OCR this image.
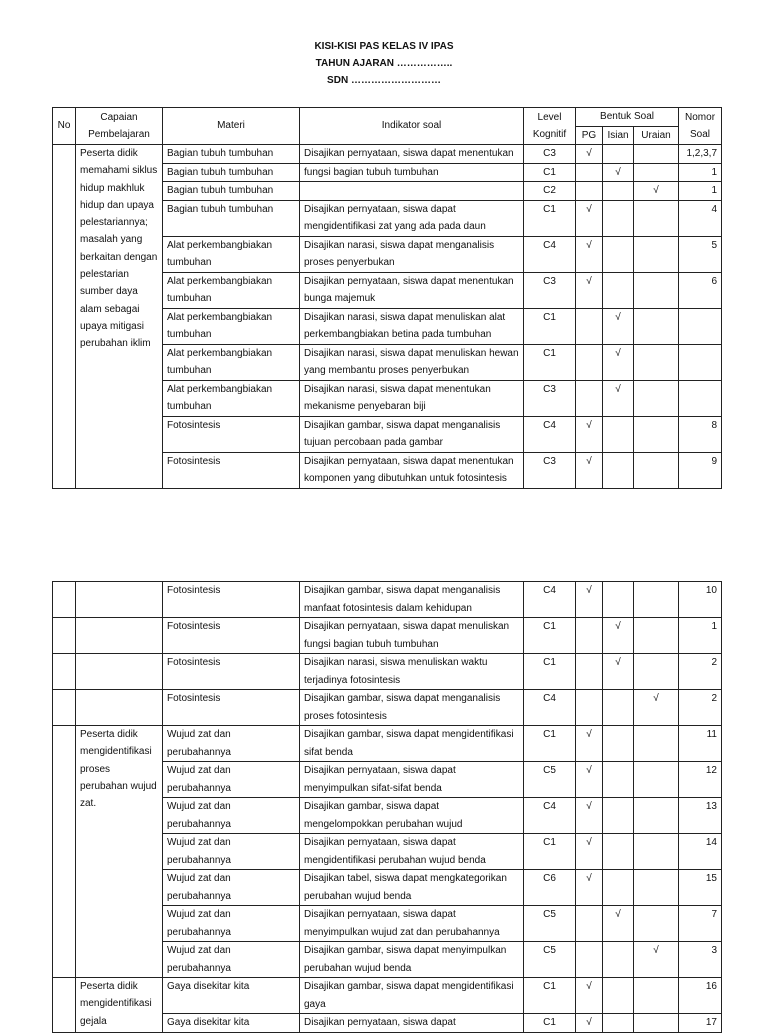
KISI-KISI PAS KELAS IV IPAS
TAHUN AJARAN ……………..
SDN ………………………
No	Capaian Pembelajaran	Materi	Indikator soal	Level Kognitif	Bentuk Soal			Nomor Soal
					PG	Isian	Uraian	
	Peserta didik memahami siklus hidup makhluk hidup dan upaya pelestariannya; masalah yang berkaitan dengan pelestarian sumber daya alam sebagai upaya mitigasi perubahan iklim	Bagian tubuh tumbuhan	Disajikan pernyataan, siswa dapat menentukan	C3	√			1,2,3,7
		Bagian tubuh tumbuhan	fungsi bagian tubuh tumbuhan	C1		√		1
		Bagian tubuh tumbuhan		C2			√	1
		Bagian tubuh tumbuhan	Disajikan pernyataan, siswa dapat mengidentifikasi zat yang ada pada daun	C1	√			4
		Alat perkembangbiakan tumbuhan	Disajikan narasi, siswa dapat menganalisis proses penyerbukan	C4	√			5
		Alat perkembangbiakan tumbuhan	Disajikan pernyataan, siswa dapat menentukan bunga majemuk	C3	√			6
		Alat perkembangbiakan tumbuhan	Disajikan narasi, siswa dapat menuliskan alat perkembangbiakan betina pada tumbuhan	C1		√		
		Alat perkembangbiakan tumbuhan	Disajikan narasi, siswa dapat menuliskan hewan yang membantu proses penyerbukan	C1		√		
		Alat perkembangbiakan tumbuhan	Disajikan narasi, siswa dapat menentukan mekanisme penyebaran biji	C3		√		
		Fotosintesis	Disajikan gambar, siswa dapat menganalisis tujuan percobaan pada gambar	C4	√			8
		Fotosintesis	Disajikan pernyataan, siswa dapat menentukan komponen yang dibutuhkan untuk fotosintesis	C3	√			9
		Fotosintesis	Disajikan gambar, siswa dapat menganalisis manfaat fotosintesis dalam kehidupan	C4	√			10
		Fotosintesis	Disajikan pernyataan, siswa dapat menuliskan fungsi bagian tubuh tumbuhan	C1		√		1
		Fotosintesis	Disajikan narasi, siswa menuliskan waktu terjadinya fotosintesis	C1		√		2
		Fotosintesis	Disajikan gambar, siswa dapat menganalisis proses fotosintesis	C4			√	2
	Peserta didik mengidentifikasi proses perubahan wujud zat.	Wujud zat dan perubahannya	Disajikan gambar, siswa dapat mengidentifikasi sifat benda	C1	√			11
		Wujud zat dan perubahannya	Disajikan pernyataan, siswa dapat menyimpulkan sifat-sifat benda	C5	√			12
		Wujud zat dan perubahannya	Disajikan gambar, siswa dapat mengelompokkan perubahan wujud	C4	√			13
		Wujud zat dan perubahannya	Disajikan pernyataan, siswa dapat mengidentifikasi perubahan wujud benda	C1	√			14
		Wujud zat dan perubahannya	Disajikan tabel, siswa dapat mengkategorikan perubahan wujud benda	C6	√			15
		Wujud zat dan perubahannya	Disajikan pernyataan, siswa dapat menyimpulkan wujud zat dan perubahannya	C5		√		7
		Wujud zat dan perubahannya	Disajikan gambar, siswa dapat menyimpulkan perubahan wujud benda	C5			√	3
	Peserta didik mengidentifikasi gejala	Gaya disekitar kita	Disajikan gambar, siswa dapat mengidentifikasi gaya	C1	√			16
		Gaya disekitar kita	Disajikan pernyataan, siswa dapat	C1	√			17
